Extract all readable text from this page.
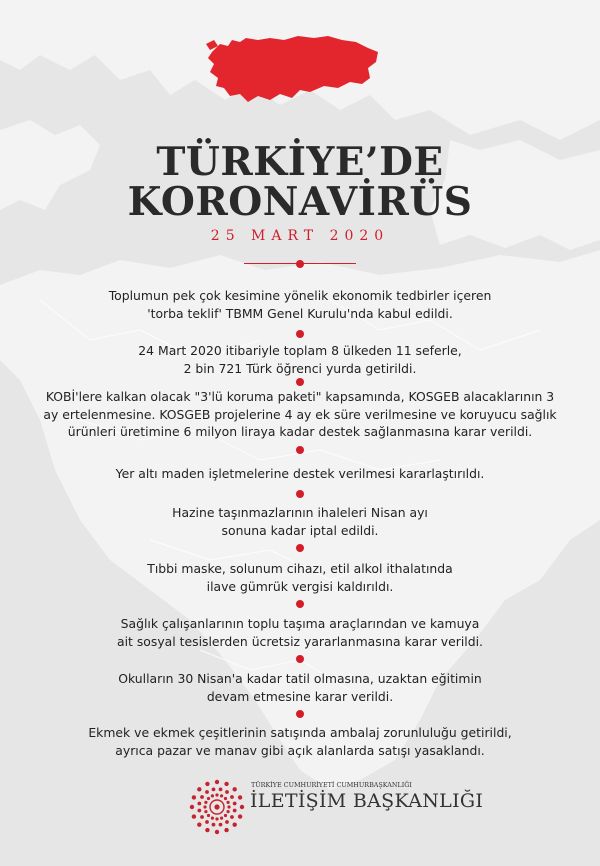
TÜRKİYE’DE
KORONAVİRÜS
25 MART 2020
Toplumun pek çok kesimine yönelik ekonomik tedbirler içeren
'torba teklif' TBMM Genel Kurulu'nda kabul edildi.
24 Mart 2020 itibariyle toplam 8 ülkeden 11 seferle,
2 bin 721 Türk öğrenci yurda getirildi.
KOBİ'lere kalkan olacak "3'lü koruma paketi" kapsamında, KOSGEB alacaklarının 3
ay ertelenmesine. KOSGEB projelerine 4 ay ek süre verilmesine ve koruyucu sağlık
ürünleri üretimine 6 milyon liraya kadar destek sağlanmasına karar verildi.
Yer altı maden işletmelerine destek verilmesi kararlaştırıldı.
Hazine taşınmazlarının ihaleleri Nisan ayı
sonuna kadar iptal edildi.
Tıbbi maske, solunum cihazı, etil alkol ithalatında
ilave gümrük vergisi kaldırıldı.
Sağlık çalışanlarının toplu taşıma araçlarından ve kamuya
ait sosyal tesislerden ücretsiz yararlanmasına karar verildi.
Okulların 30 Nisan'a kadar tatil olmasına, uzaktan eğitimin
devam etmesine karar verildi.
Ekmek ve ekmek çeşitlerinin satışında ambalaj zorunluluğu getirildi,
ayrıca pazar ve manav gibi açık alanlarda satışı yasaklandı.
TÜRKİYE CUMHURİYETİ CUMHURBAŞKANLIĞI
İLETİŞİM BAŞKANLIĞI
